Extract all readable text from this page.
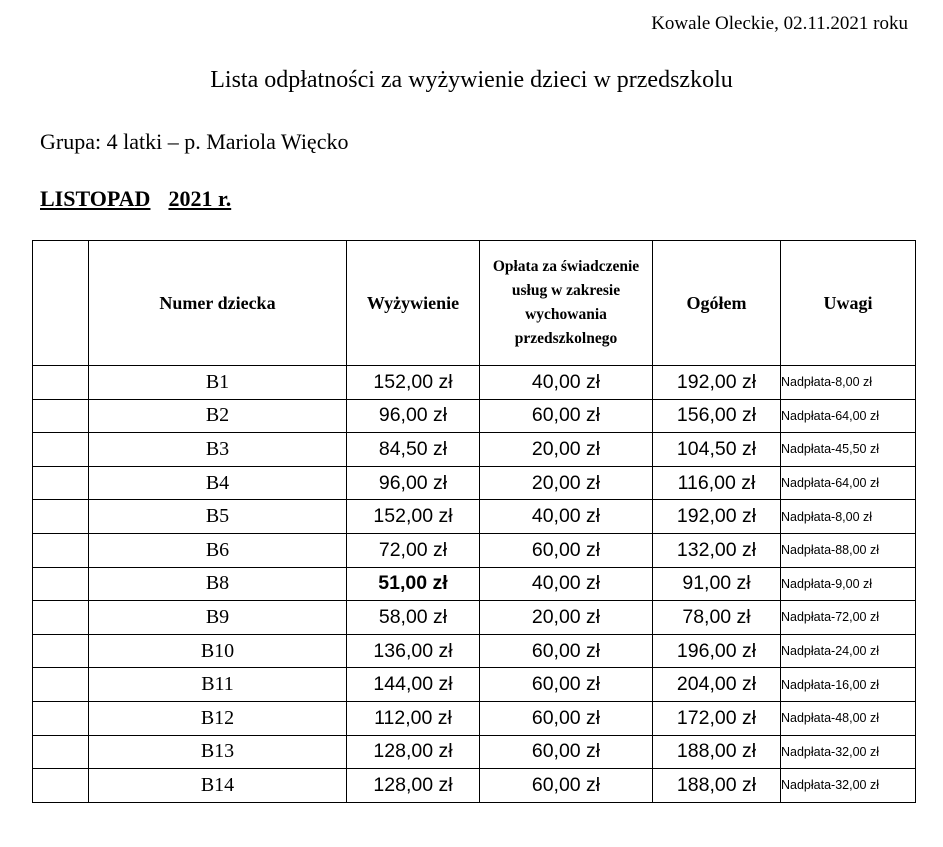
Kowale Oleckie, 02.11.2021 roku
Lista odpłatności za wyżywienie dzieci w przedszkolu
Grupa: 4 latki – p. Mariola Więcko
LISTOPAD 2021 r.
	Numer dziecka	Wyżywienie	Opłata za świadczenie usług w zakresie wychowania przedszkolnego	Ogółem	Uwagi
	B1	152,00 zł	40,00 zł	192,00 zł	Nadpłata-8,00 zł
	B2	96,00 zł	60,00 zł	156,00 zł	Nadpłata-64,00 zł
	B3	84,50 zł	20,00 zł	104,50 zł	Nadpłata-45,50 zł
	B4	96,00 zł	20,00 zł	116,00 zł	Nadpłata-64,00 zł
	B5	152,00 zł	40,00 zł	192,00 zł	Nadpłata-8,00 zł
	B6	72,00 zł	60,00 zł	132,00 zł	Nadpłata-88,00 zł
	B8	51,00 zł	40,00 zł	91,00 zł	Nadpłata-9,00 zł
	B9	58,00 zł	20,00 zł	78,00 zł	Nadpłata-72,00 zł
	B10	136,00 zł	60,00 zł	196,00 zł	Nadpłata-24,00 zł
	B11	144,00 zł	60,00 zł	204,00 zł	Nadpłata-16,00 zł
	B12	112,00 zł	60,00 zł	172,00 zł	Nadpłata-48,00 zł
	B13	128,00 zł	60,00 zł	188,00 zł	Nadpłata-32,00 zł
	B14	128,00 zł	60,00 zł	188,00 zł	Nadpłata-32,00 zł
